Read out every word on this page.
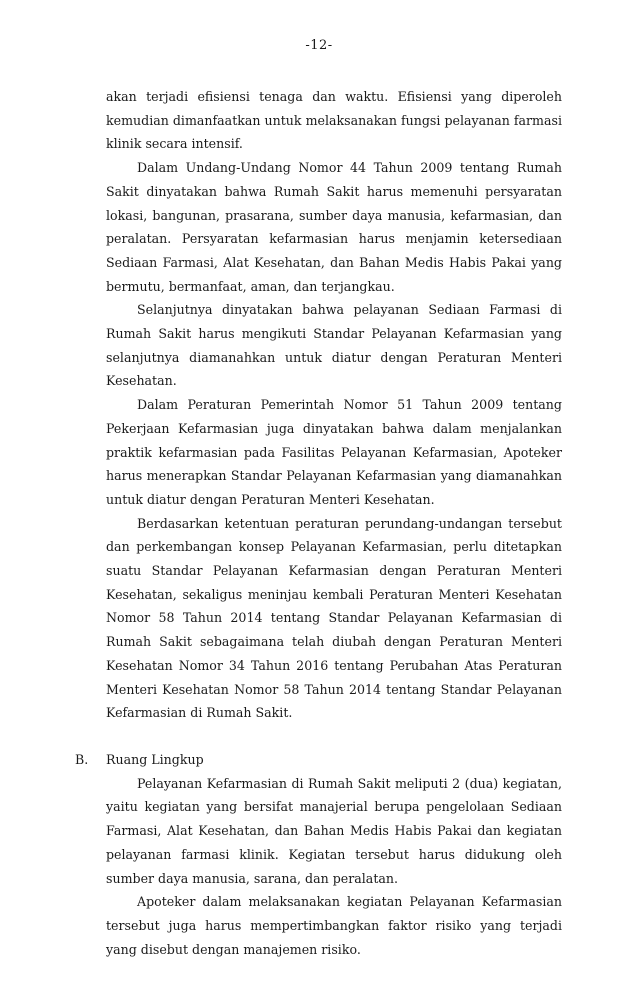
-12-

akan terjadi efisiensi tenaga dan waktu. Efisiensi yang diperoleh kemudian dimanfaatkan untuk melaksanakan fungsi pelayanan farmasi klinik secara intensif.

Dalam Undang-Undang Nomor 44 Tahun 2009 tentang Rumah Sakit dinyatakan bahwa Rumah Sakit harus memenuhi persyaratan lokasi, bangunan, prasarana, sumber daya manusia, kefarmasian, dan peralatan. Persyaratan kefarmasian harus menjamin ketersediaan Sediaan Farmasi, Alat Kesehatan, dan Bahan Medis Habis Pakai yang bermutu, bermanfaat, aman, dan terjangkau.

Selanjutnya dinyatakan bahwa pelayanan Sediaan Farmasi di Rumah Sakit harus mengikuti Standar Pelayanan Kefarmasian yang selanjutnya diamanahkan untuk diatur dengan Peraturan Menteri Kesehatan.

Dalam Peraturan Pemerintah Nomor 51 Tahun 2009 tentang Pekerjaan Kefarmasian juga dinyatakan bahwa dalam menjalankan praktik kefarmasian pada Fasilitas Pelayanan Kefarmasian, Apoteker harus menerapkan Standar Pelayanan Kefarmasian yang diamanahkan untuk diatur dengan Peraturan Menteri Kesehatan.

Berdasarkan ketentuan peraturan perundang-undangan tersebut dan perkembangan konsep Pelayanan Kefarmasian, perlu ditetapkan suatu Standar Pelayanan Kefarmasian dengan Peraturan Menteri Kesehatan, sekaligus meninjau kembali Peraturan Menteri Kesehatan Nomor 58 Tahun 2014 tentang Standar Pelayanan Kefarmasian di Rumah Sakit sebagaimana telah diubah dengan Peraturan Menteri Kesehatan Nomor 34 Tahun 2016 tentang Perubahan Atas Peraturan Menteri Kesehatan Nomor 58 Tahun 2014 tentang Standar Pelayanan Kefarmasian di Rumah Sakit.

B. Ruang Lingkup

Pelayanan Kefarmasian di Rumah Sakit meliputi 2 (dua) kegiatan, yaitu kegiatan yang bersifat manajerial berupa pengelolaan Sediaan Farmasi, Alat Kesehatan, dan Bahan Medis Habis Pakai dan kegiatan pelayanan farmasi klinik. Kegiatan tersebut harus didukung oleh sumber daya manusia, sarana, dan peralatan.

Apoteker dalam melaksanakan kegiatan Pelayanan Kefarmasian tersebut juga harus mempertimbangkan faktor risiko yang terjadi yang disebut dengan manajemen risiko.
